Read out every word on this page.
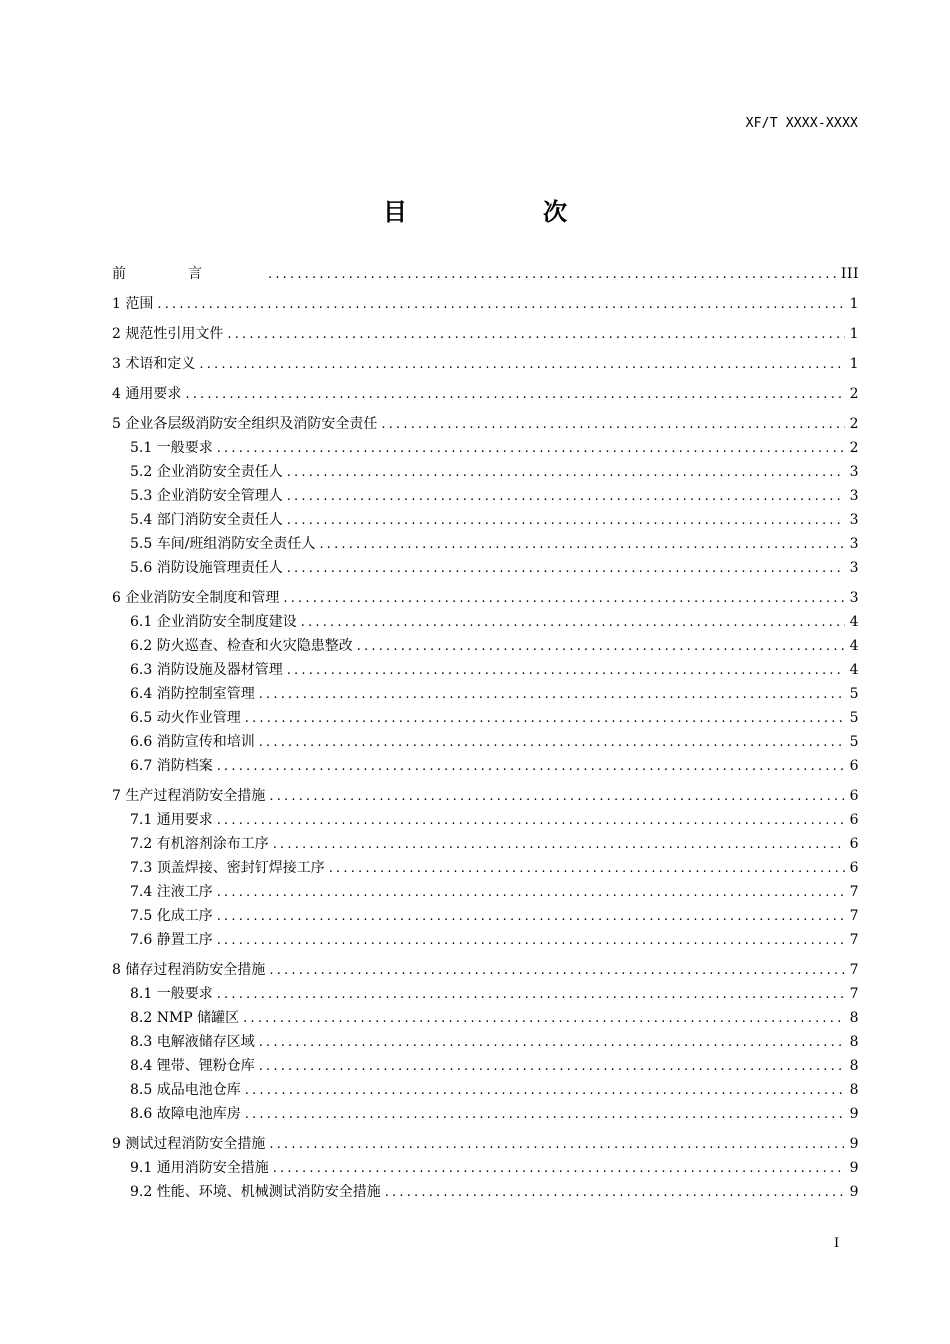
XF/T XXXX-XXXX
目　次
前言 .....	III
1 范围 .....	1
2 规范性引用文件 .....	1
3 术语和定义 .....	1
4 通用要求 .....	2
5 企业各层级消防安全组织及消防安全责任 .....	2
5.1 一般要求 .....	2
5.2 企业消防安全责任人 .....	3
5.3 企业消防安全管理人 .....	3
5.4 部门消防安全责任人 .....	3
5.5 车间/班组消防安全责任人 .....	3
5.6 消防设施管理责任人 .....	3
6 企业消防安全制度和管理 .....	3
6.1 企业消防安全制度建设 .....	4
6.2 防火巡查、检查和火灾隐患整改 .....	4
6.3 消防设施及器材管理 .....	4
6.4 消防控制室管理 .....	5
6.5 动火作业管理 .....	5
6.6 消防宣传和培训 .....	5
6.7 消防档案 .....	6
7 生产过程消防安全措施 .....	6
7.1 通用要求 .....	6
7.2 有机溶剂涂布工序 .....	6
7.3 顶盖焊接、密封钉焊接工序 .....	6
7.4 注液工序 .....	7
7.5 化成工序 .....	7
7.6 静置工序 .....	7
8 储存过程消防安全措施 .....	7
8.1 一般要求 .....	7
8.2 NMP 储罐区 .....	8
8.3 电解液储存区域 .....	8
8.4 锂带、锂粉仓库 .....	8
8.5 成品电池仓库 .....	8
8.6 故障电池库房 .....	9
9 测试过程消防安全措施 .....	9
9.1 通用消防安全措施 .....	9
9.2 性能、环境、机械测试消防安全措施 .....	9
I
